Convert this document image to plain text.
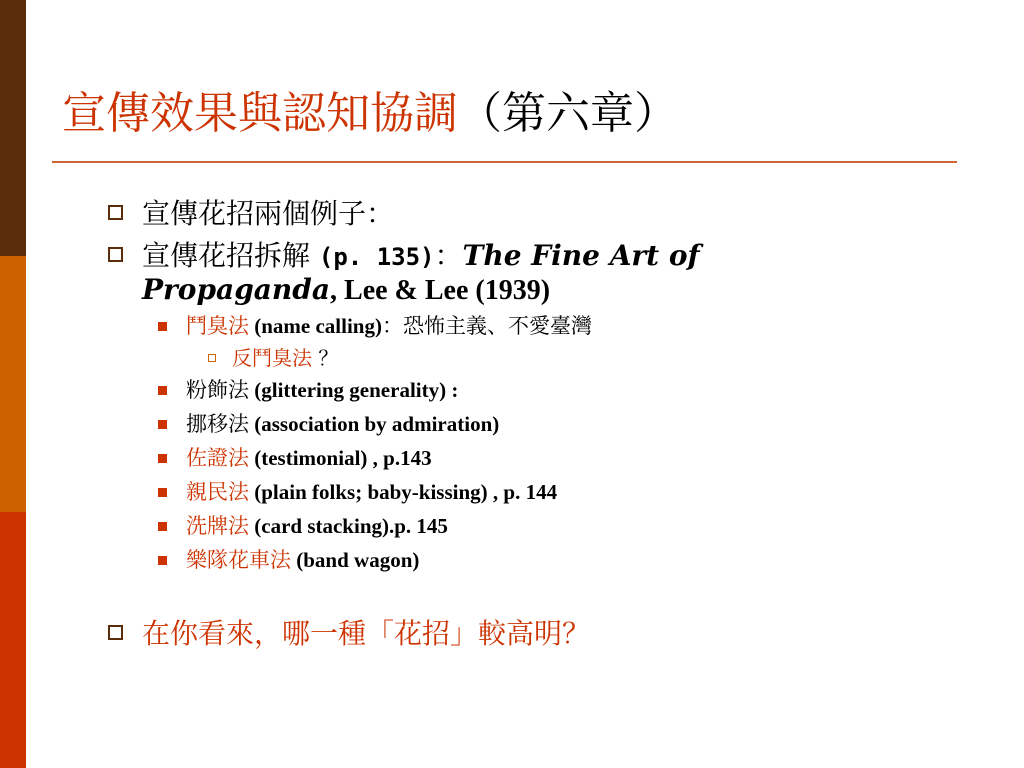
宣傳效果與認知協調（第六章）
宣傳花招兩個例子：
宣傳花招拆解 (p. 135)：The Fine Art of
Propaganda, Lee & Lee (1939)
鬥臭法 (name calling)：恐怖主義、不愛臺灣
反鬥臭法 ？
粉飾法 (glittering generality) :
挪移法 (association by admiration)
佐證法 (testimonial) , p.143
親民法 (plain folks; baby-kissing) , p. 144
洗牌法 (card stacking).p. 145
樂隊花車法 (band wagon)
在你看來，哪一種「花招」較高明？
